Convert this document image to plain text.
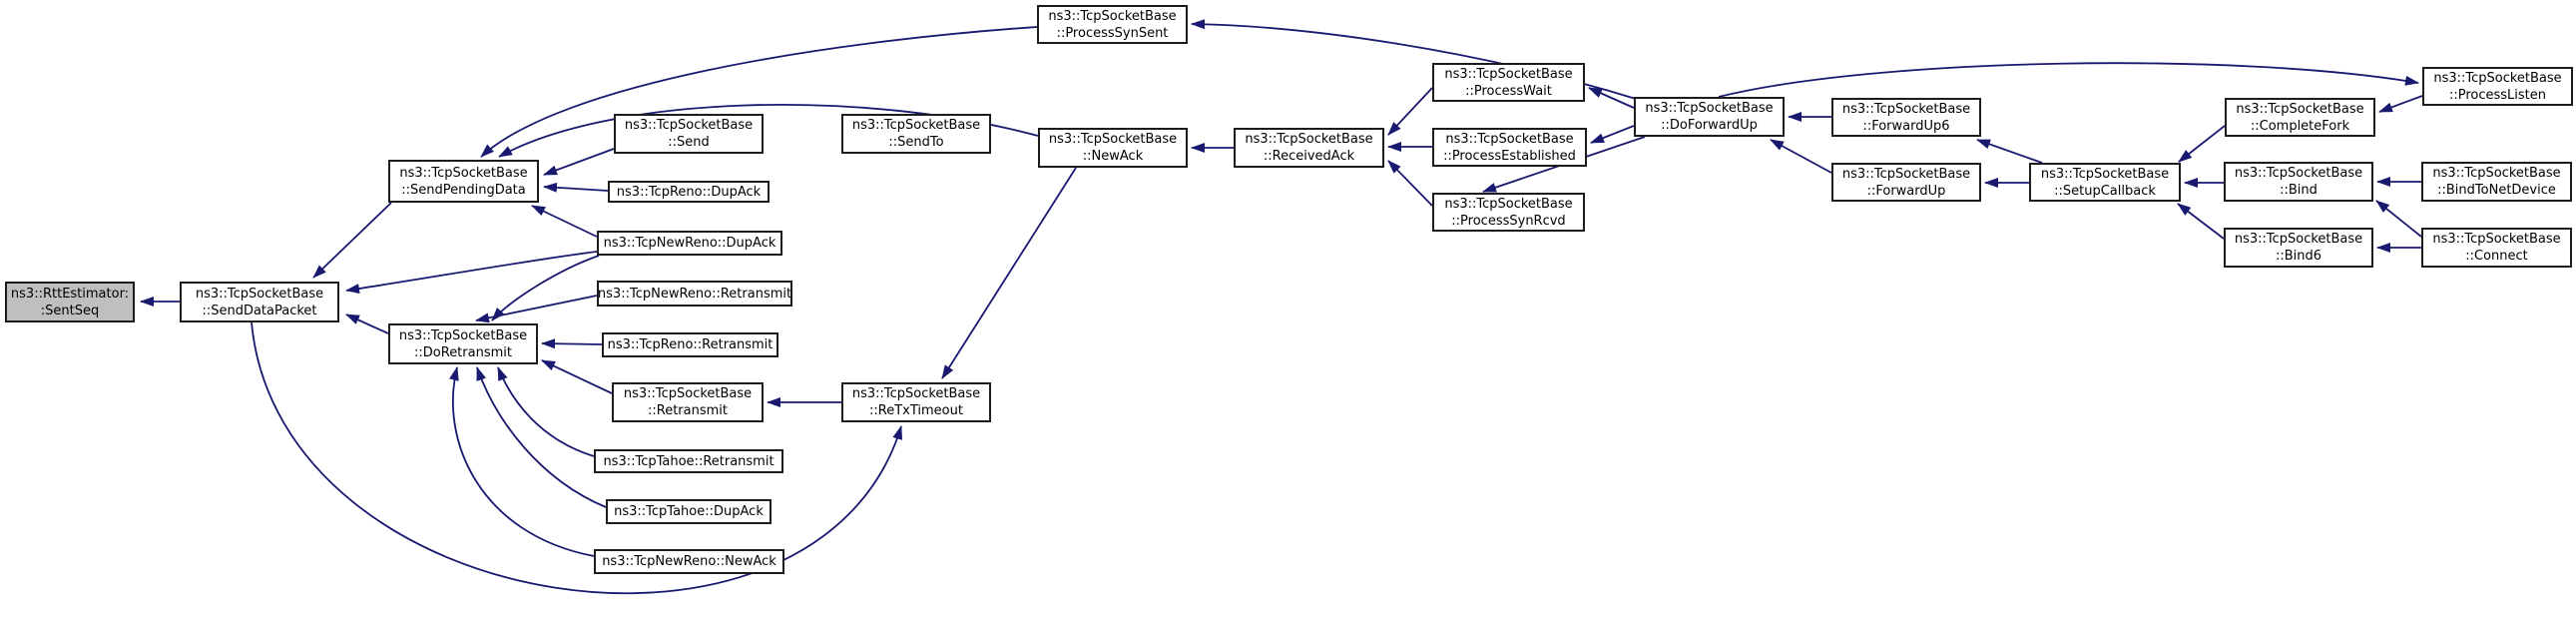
ns3::RttEstimator:
:SentSeq
ns3::TcpSocketBase
::SendDataPacket
ns3::TcpSocketBase
::SendPendingData
ns3::TcpSocketBase
::Send
ns3::TcpSocketBase
::SendTo
ns3::TcpReno::DupAck
ns3::TcpNewReno::DupAck
ns3::TcpNewReno::Retransmit
ns3::TcpReno::Retransmit
ns3::TcpSocketBase
::Retransmit
ns3::TcpSocketBase
::ReTxTimeout
ns3::TcpTahoe::Retransmit
ns3::TcpTahoe::DupAck
ns3::TcpNewReno::NewAck
ns3::TcpSocketBase
::DoRetransmit
ns3::TcpSocketBase
::NewAck
ns3::TcpSocketBase
::ReceivedAck
ns3::TcpSocketBase
::ProcessSynSent
ns3::TcpSocketBase
::ProcessWait
ns3::TcpSocketBase
::ProcessEstablished
ns3::TcpSocketBase
::ProcessSynRcvd
ns3::TcpSocketBase
::DoForwardUp
ns3::TcpSocketBase
::ForwardUp6
ns3::TcpSocketBase
::ForwardUp
ns3::TcpSocketBase
::SetupCallback
ns3::TcpSocketBase
::CompleteFork
ns3::TcpSocketBase
::ProcessListen
ns3::TcpSocketBase
::Bind
ns3::TcpSocketBase
::BindToNetDevice
ns3::TcpSocketBase
::Bind6
ns3::TcpSocketBase
::Connect
